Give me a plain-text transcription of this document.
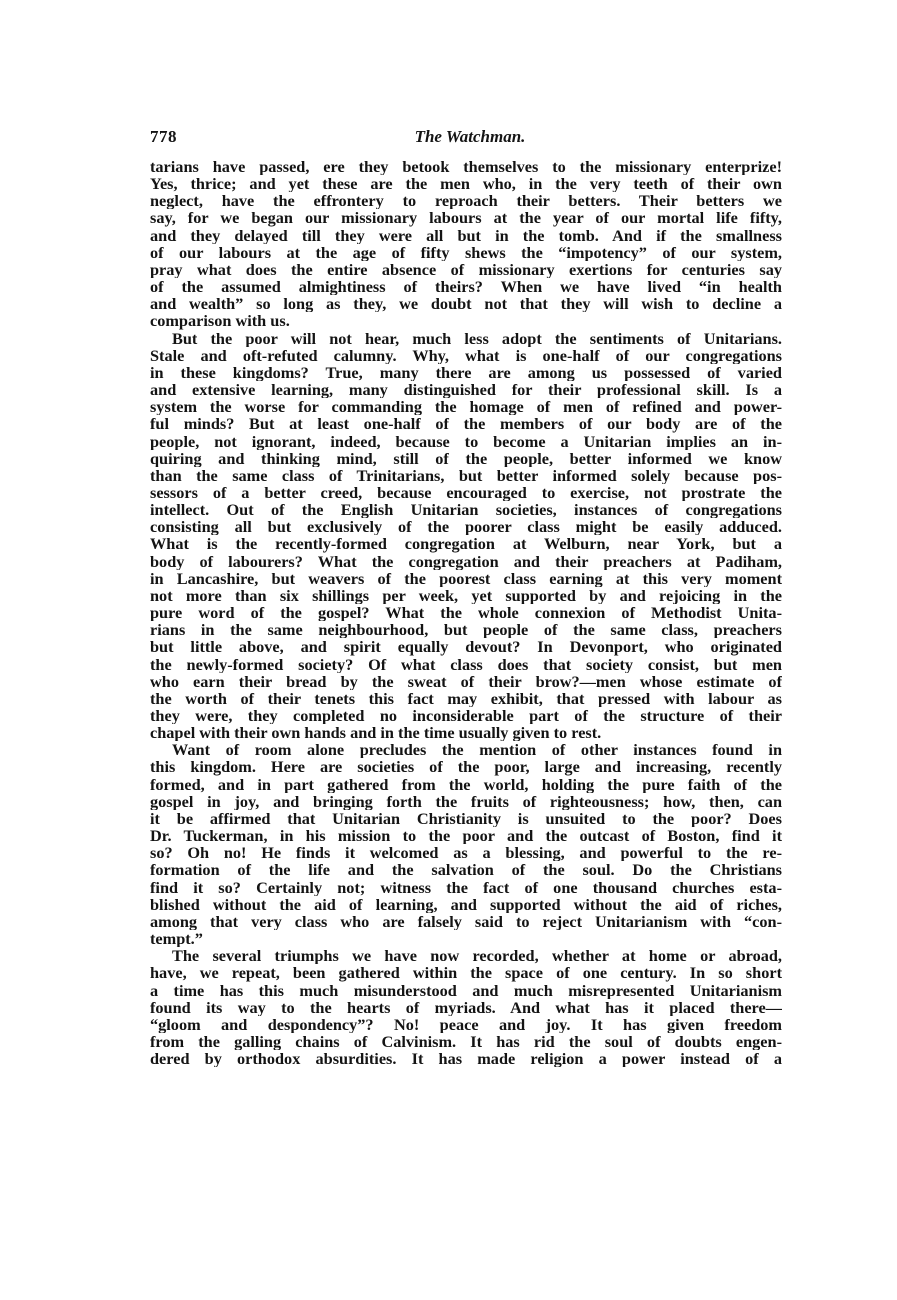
778	The Watchman.
tarians have passed, ere they betook themselves to the missionary enterprize!
Yes, thrice; and yet these are the men who, in the very teeth of their own
neglect, have the effrontery to reproach their betters. Their betters we
say, for we began our missionary labours at the year of our mortal life fifty,
and they delayed till they were all but in the tomb. And if the smallness
of our labours at the age of fifty shews the “impotency” of our system,
pray what does the entire absence of missionary exertions for centuries say
of the assumed almightiness of theirs? When we have lived “in health
and wealth” so long as they, we doubt not that they will wish to decline a
comparison with us.
But the poor will not hear, much less adopt the sentiments of Unitarians.
Stale and oft-refuted calumny. Why, what is one-half of our congregations
in these kingdoms? True, many there are among us possessed of varied
and extensive learning, many distinguished for their professional skill. Is a
system the worse for commanding the homage of men of refined and power-
ful minds? But at least one-half of the members of our body are of the
people, not ignorant, indeed, because to become a Unitarian implies an in-
quiring and thinking mind, still of the people, better informed we know
than the same class of Trinitarians, but better informed solely because pos-
sessors of a better creed, because encouraged to exercise, not prostrate the
intellect. Out of the English Unitarian societies, instances of congregations
consisting all but exclusively of the poorer class might be easily adduced.
What is the recently-formed congregation at Welburn, near York, but a
body of labourers? What the congregation and their preachers at Padiham,
in Lancashire, but weavers of the poorest class earning at this very moment
not more than six shillings per week, yet supported by and rejoicing in the
pure word of the gospel? What the whole connexion of Methodist Unita-
rians in the same neighbourhood, but people of the same class, preachers
but little above, and spirit equally devout? In Devonport, who originated
the newly-formed society? Of what class does that society consist, but men
who earn their bread by the sweat of their brow?—men whose estimate of
the worth of their tenets this fact may exhibit, that pressed with labour as
they were, they completed no inconsiderable part of the structure of their
chapel with their own hands and in the time usually given to rest.
Want of room alone precludes the mention of other instances found in
this kingdom. Here are societies of the poor, large and increasing, recently
formed, and in part gathered from the world, holding the pure faith of the
gospel in joy, and bringing forth the fruits of righteousness; how, then, can
it be affirmed that Unitarian Christianity is unsuited to the poor? Does
Dr. Tuckerman, in his mission to the poor and the outcast of Boston, find it
so? Oh no! He finds it welcomed as a blessing, and powerful to the re-
formation of the life and the salvation of the soul. Do the Christians
find it so? Certainly not; witness the fact of one thousand churches esta-
blished without the aid of learning, and supported without the aid of riches,
among that very class who are falsely said to reject Unitarianism with “con-
tempt.”
The several triumphs we have now recorded, whether at home or abroad,
have, we repeat, been gathered within the space of one century. In so short
a time has this much misunderstood and much misrepresented Unitarianism
found its way to the hearts of myriads. And what has it placed there—
“gloom and despondency”? No! peace and joy. It has given freedom
from the galling chains of Calvinism. It has rid the soul of doubts engen-
dered by orthodox absurdities. It has made religion a power instead of a
